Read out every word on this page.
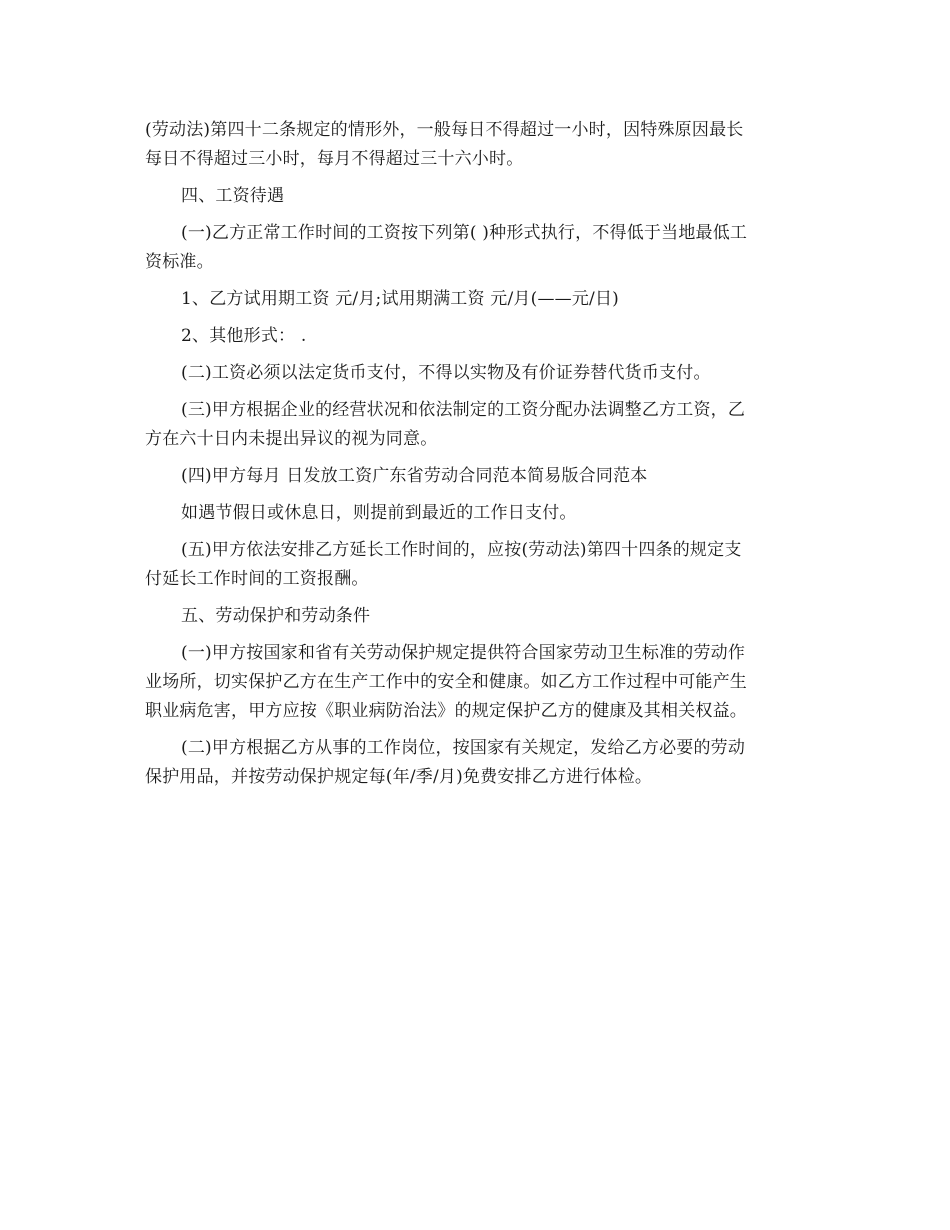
(劳动法)第四十二条规定的情形外，一般每日不得超过一小时，因特殊原因最长
每日不得超过三小时，每月不得超过三十六小时。

四、工资待遇

(一)乙方正常工作时间的工资按下列第( )种形式执行，不得低于当地最低工
资标准。

1、乙方试用期工资 元/月;试用期满工资 元/月(——元/日)

2、其他形式： .

(二)工资必须以法定货币支付，不得以实物及有价证券替代货币支付。

(三)甲方根据企业的经营状况和依法制定的工资分配办法调整乙方工资，乙
方在六十日内未提出异议的视为同意。

(四)甲方每月 日发放工资广东省劳动合同范本简易版合同范本

如遇节假日或休息日，则提前到最近的工作日支付。

(五)甲方依法安排乙方延长工作时间的，应按(劳动法)第四十四条的规定支
付延长工作时间的工资报酬。

五、劳动保护和劳动条件

(一)甲方按国家和省有关劳动保护规定提供符合国家劳动卫生标准的劳动作
业场所，切实保护乙方在生产工作中的安全和健康。如乙方工作过程中可能产生
职业病危害，甲方应按《职业病防治法》的规定保护乙方的健康及其相关权益。

(二)甲方根据乙方从事的工作岗位，按国家有关规定，发给乙方必要的劳动
保护用品，并按劳动保护规定每(年/季/月)免费安排乙方进行体检。
